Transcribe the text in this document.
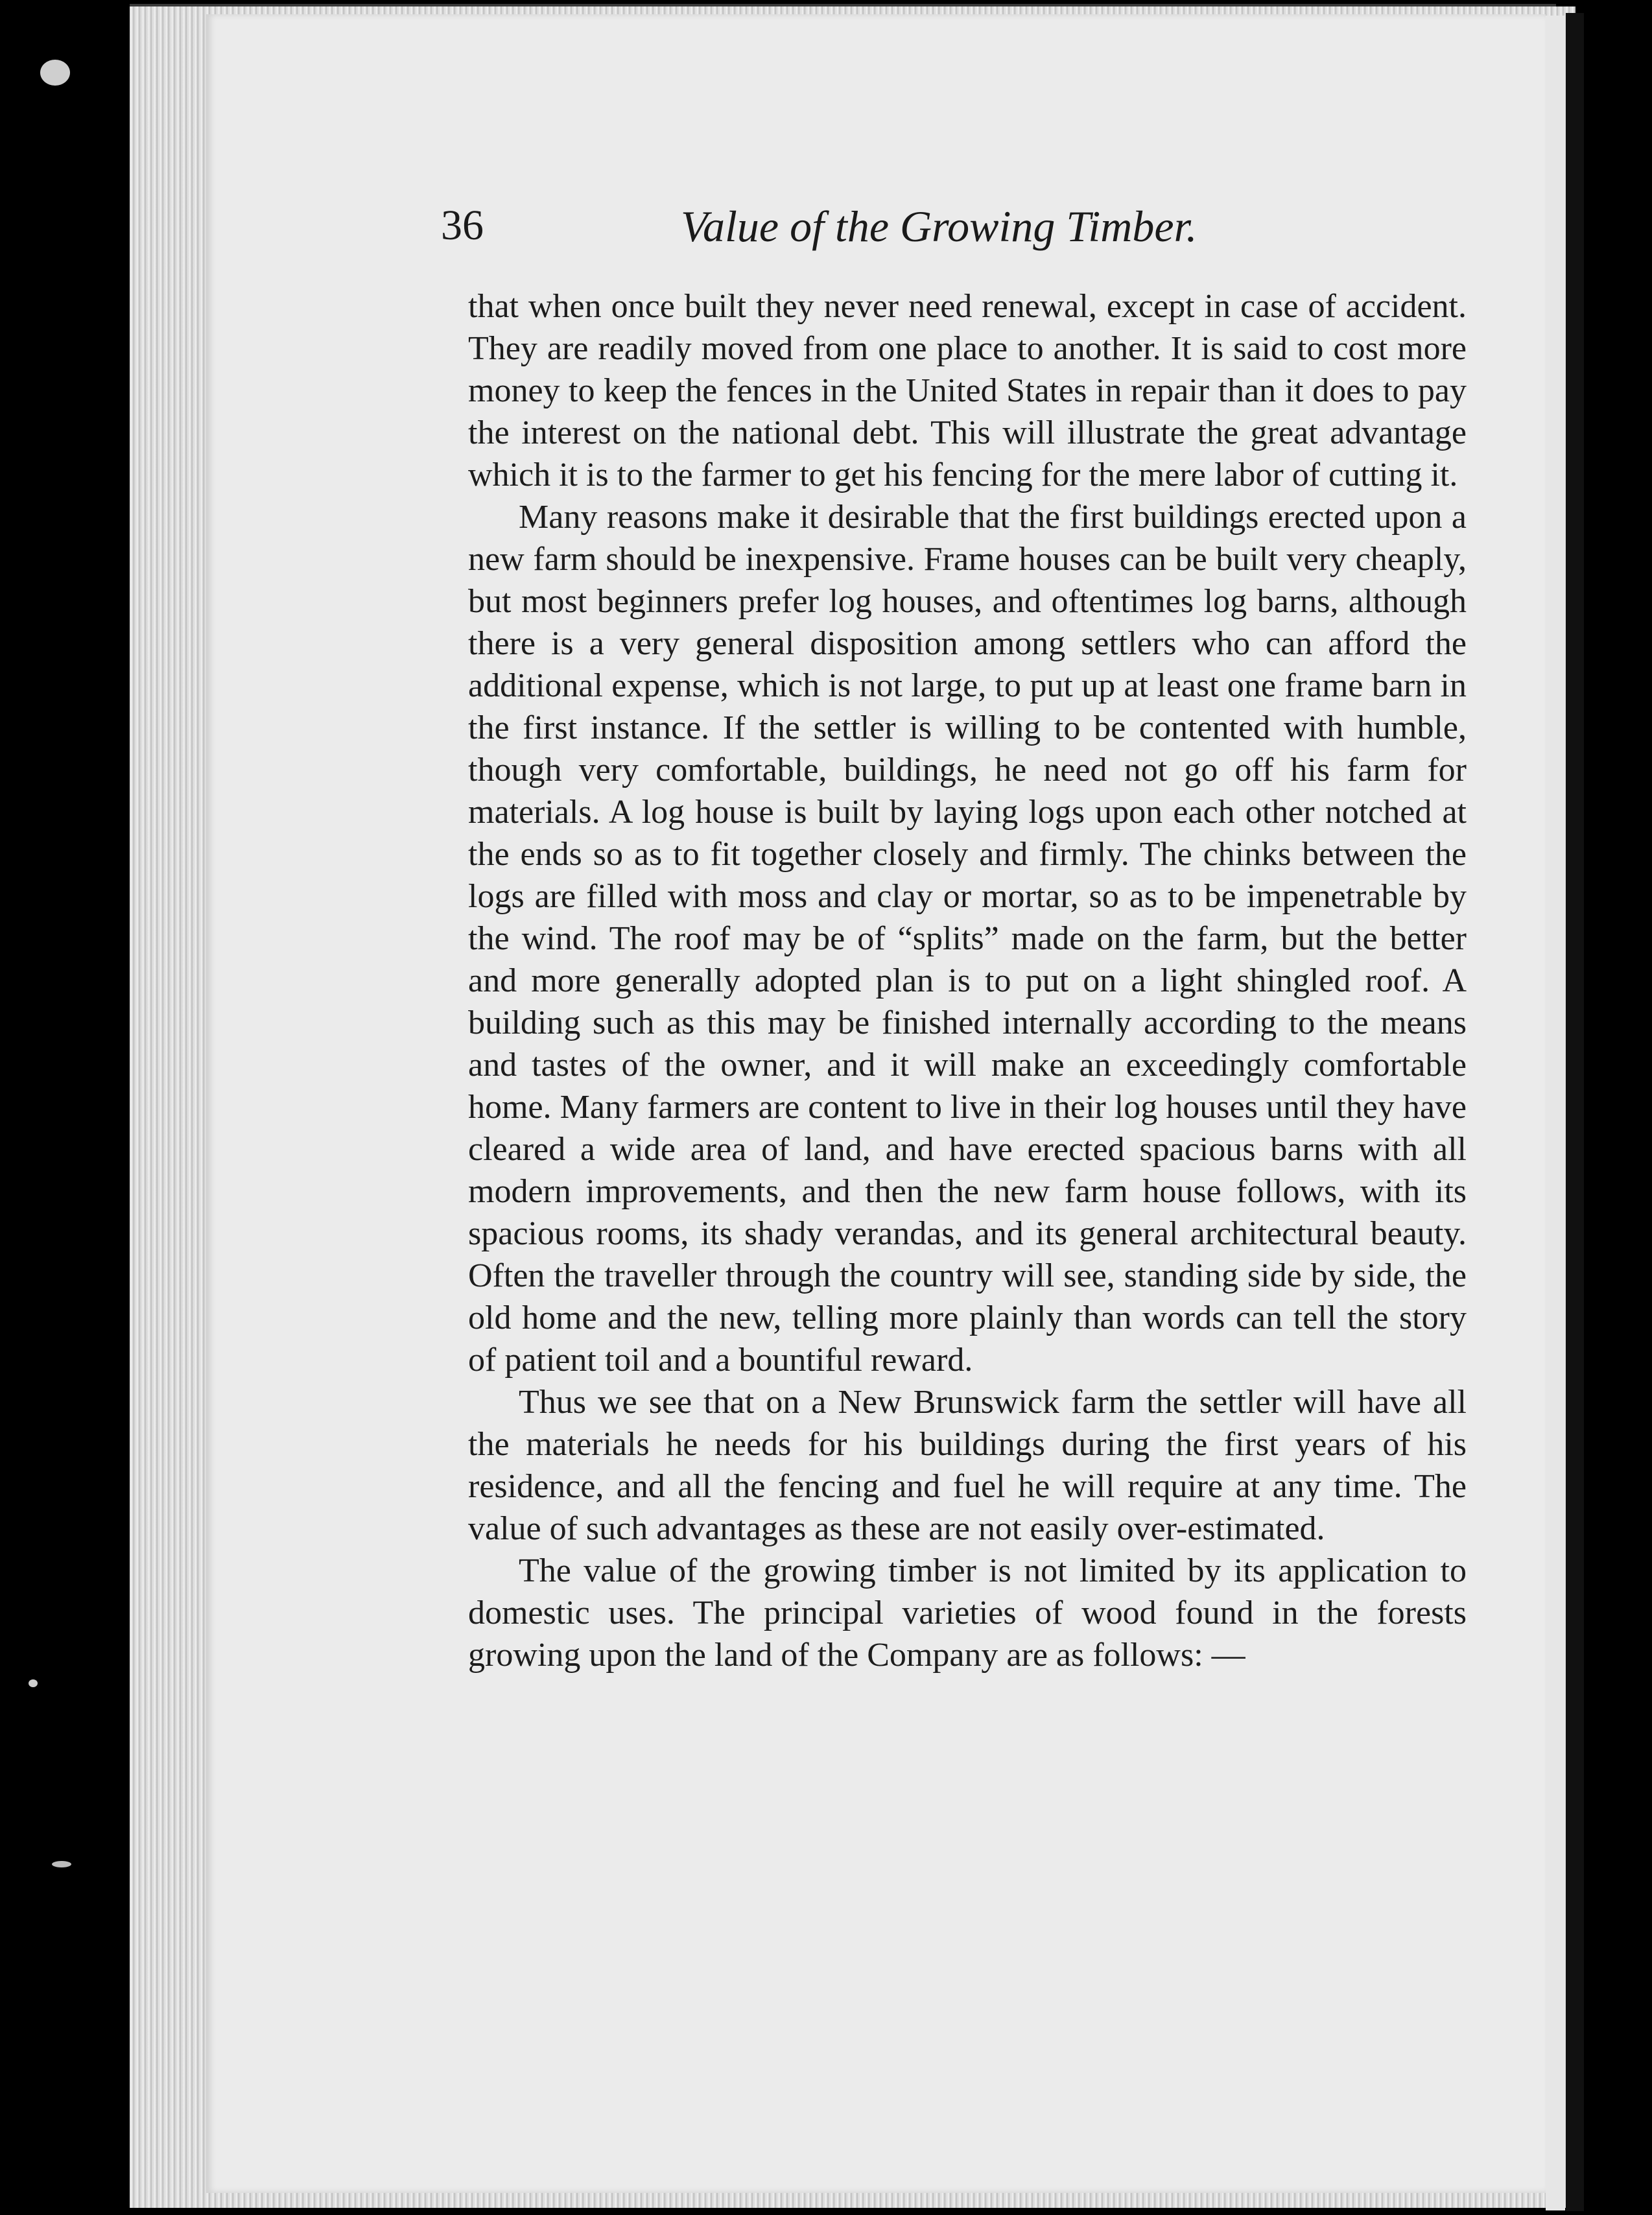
36	Value of the Growing Timber.

that when once built they never need renewal, except in case of accident. They are readily moved from one place to another. It is said to cost more money to keep the fences in the United States in repair than it does to pay the interest on the national debt. This will illustrate the great advantage which it is to the farmer to get his fencing for the mere labor of cutting it.

Many reasons make it desirable that the first buildings erected upon a new farm should be inexpensive. Frame houses can be built very cheaply, but most beginners prefer log houses, and oftentimes log barns, although there is a very general disposition among settlers who can afford the additional expense, which is not large, to put up at least one frame barn in the first instance. If the settler is willing to be contented with humble, though very comfortable, buildings, he need not go off his farm for materials. A log house is built by laying logs upon each other notched at the ends so as to fit together closely and firmly. The chinks between the logs are filled with moss and clay or mortar, so as to be impenetrable by the wind. The roof may be of “splits” made on the farm, but the better and more generally adopted plan is to put on a light shingled roof. A building such as this may be finished internally according to the means and tastes of the owner, and it will make an exceedingly comfortable home. Many farmers are content to live in their log houses until they have cleared a wide area of land, and have erected spacious barns with all modern improvements, and then the new farm house follows, with its spacious rooms, its shady verandas, and its general architectural beauty. Often the traveller through the country will see, standing side by side, the old home and the new, telling more plainly than words can tell the story of patient toil and a bountiful reward.

Thus we see that on a New Brunswick farm the settler will have all the materials he needs for his buildings during the first years of his residence, and all the fencing and fuel he will require at any time. The value of such advantages as these are not easily over-estimated.

The value of the growing timber is not limited by its application to domestic uses. The principal varieties of wood found in the forests growing upon the land of the Company are as follows: —
